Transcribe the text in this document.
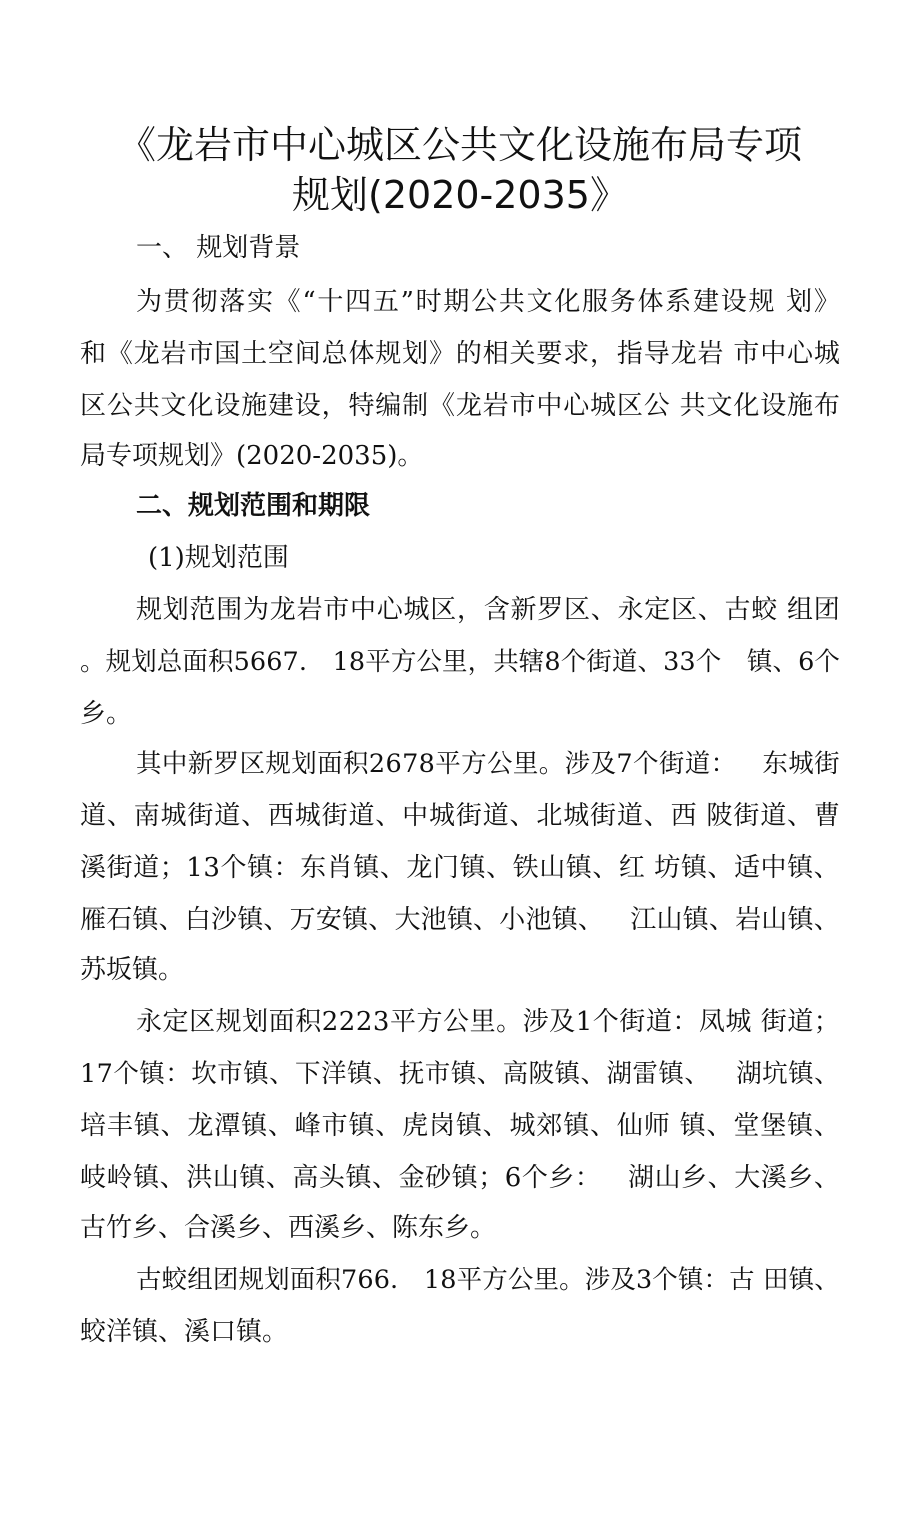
《龙岩市中心城区公共文化设施布局专项
规划(2020-2035》
一、 规划背景
为 贯 彻 落 实 《 “ 十 四 五 ” 时 期 公 共 文 化 服 务 体 系 建 设 规
划 》
和 《 龙 岩 市 国 土 空 间 总 体 规 划 》 的 相 关 要 求 ， 指 导 龙 岩
市 中 心 城
区 公 共 文 化 设 施 建 设 ， 特 编 制 《 龙 岩 市 中 心 城 区 公
共 文 化 设 施 布
局专项规划》(2020-2035)。
二、规划范围和期限
(1)规划范围
规 划 范 围 为 龙 岩 市 中 心 城 区 ， 含 新 罗 区 、 永 定 区 、 古 蛟
组 团
。 规 划 总 面 积 5 6 6 7 .
　 1 8 平 方 公 里 ， 共 辖 8 个 街 道 、 3 3 个
　 镇 、 6 个
乡。
其 中 新 罗 区 规 划 面 积 2 6 7 8 平 方 公 里 。 涉 及 7 个 街 道 ：
　 东 城 街
道 、 南 城 街 道 、 西 城 街 道 、 中 城 街 道 、 北 城 街 道 、 西
陂 街 道 、 曹
溪 街 道 ； 1 3 个 镇 ： 东 肖 镇 、 龙 门 镇 、 铁 山 镇 、 红
坊 镇 、 适 中 镇 、
雁 石 镇 、 白 沙 镇 、 万 安 镇 、 大 池 镇 、 小 池 镇 、
　 江 山 镇 、 岩 山 镇 、
苏坂镇。
永 定 区 规 划 面 积 2 2 2 3 平 方 公 里 。 涉 及 1 个 街 道 ： 凤 城
街 道 ；
1 7 个 镇 ： 坎 市 镇 、 下 洋 镇 、 抚 市 镇 、 高 陂 镇 、 湖 雷 镇 、
　 湖 坑 镇 、
培 丰 镇 、 龙 潭 镇 、 峰 市 镇 、 虎 岗 镇 、 城 郊 镇 、 仙 师
镇 、 堂 堡 镇 、
岐 岭 镇 、 洪 山 镇 、 高 头 镇 、 金 砂 镇 ； 6 个 乡 ：
　 湖 山 乡 、 大 溪 乡 、
古竹乡、合溪乡、西溪乡、陈东乡。
古 蛟 组 团 规 划 面 积 7 6 6 .
　 1 8 平 方 公 里 。 涉 及 3 个 镇 ： 古
田 镇 、
蛟洋镇、溪口镇。
